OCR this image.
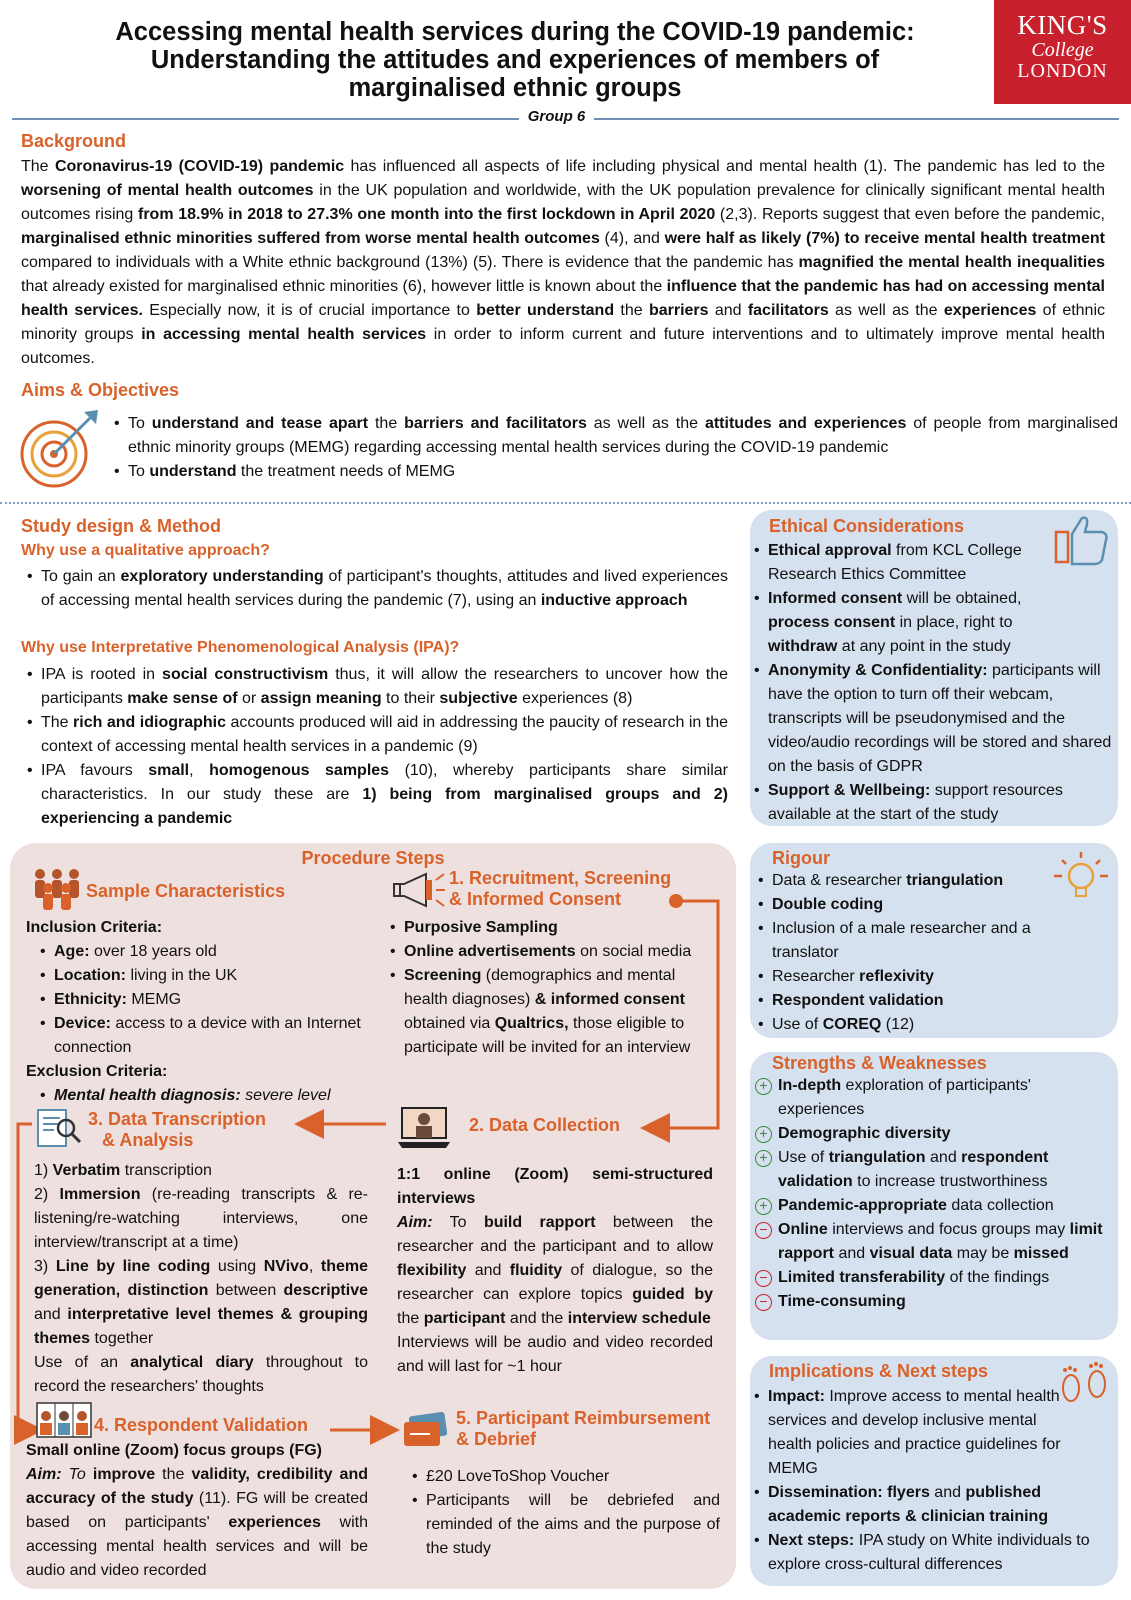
Accessing mental health services during the COVID-19 pandemic:
Understanding the attitudes and experiences of members of
marginalised ethnic groups
KING'S
College
LONDON
Group 6
Background
The Coronavirus-19 (COVID-19) pandemic has influenced all aspects of life including physical and mental health (1). The pandemic has led to the worsening of mental health outcomes in the UK population and worldwide, with the UK population prevalence for clinically significant mental health outcomes rising from 18.9% in 2018 to 27.3% one month into the first lockdown in April 2020 (2,3). Reports suggest that even before the pandemic, marginalised ethnic minorities suffered from worse mental health outcomes (4), and were half as likely (7%) to receive mental health treatment compared to individuals with a White ethnic background (13%) (5). There is evidence that the pandemic has magnified the mental health inequalities that already existed for marginalised ethnic minorities (6), however little is known about the influence that the pandemic has had on accessing mental health services. Especially now, it is of crucial importance to better understand the barriers and facilitators as well as the experiences of ethnic minority groups in accessing mental health services in order to inform current and future interventions and to ultimately improve mental health outcomes.
Aims & Objectives
• To understand and tease apart the barriers and facilitators as well as the attitudes and experiences of people from marginalised ethnic minority groups (MEMG) regarding accessing mental health services during the COVID-19 pandemic
• To understand the treatment needs of MEMG
Study design & Method
Why use a qualitative approach?
• To gain an exploratory understanding of participant's thoughts, attitudes and lived experiences of accessing mental health services during the pandemic (7), using an inductive approach
Why use Interpretative Phenomenological Analysis (IPA)?
• IPA is rooted in social constructivism thus, it will allow the researchers to uncover how the participants make sense of or assign meaning to their subjective experiences (8)
• The rich and idiographic accounts produced will aid in addressing the paucity of research in the context of accessing mental health services in a pandemic (9)
• IPA favours small, homogenous samples (10), whereby participants share similar characteristics. In our study these are 1) being from marginalised groups and 2) experiencing a pandemic
Ethical Considerations
• Ethical approval from KCL College Research Ethics Committee
• Informed consent will be obtained, process consent in place, right to withdraw at any point in the study
• Anonymity & Confidentiality: participants will have the option to turn off their webcam, transcripts will be pseudonymised and the video/audio recordings will be stored and shared on the basis of GDPR
• Support & Wellbeing: support resources available at the start of the study
Rigour
• Data & researcher triangulation
• Double coding
• Inclusion of a male researcher and a translator
• Researcher reflexivity
• Respondent validation
• Use of COREQ (12)
Strengths & Weaknesses
+ In-depth exploration of participants' experiences
+ Demographic diversity
+ Use of triangulation and respondent validation to increase trustworthiness
+ Pandemic-appropriate data collection
− Online interviews and focus groups may limit rapport and visual data may be missed
− Limited transferability of the findings
− Time-consuming
Implications & Next steps
• Impact: Improve access to mental health services and develop inclusive mental health policies and practice guidelines for MEMG
• Dissemination: flyers and published academic reports & clinician training
• Next steps: IPA study on White individuals to explore cross-cultural differences
Procedure Steps
Sample Characteristics
Inclusion Criteria:
• Age: over 18 years old
• Location: living in the UK
• Ethnicity: MEMG
• Device: access to a device with an Internet connection
Exclusion Criteria:
• Mental health diagnosis: severe level
1. Recruitment, Screening
& Informed Consent
• Purposive Sampling
• Online advertisements on social media
• Screening (demographics and mental health diagnoses) & informed consent obtained via Qualtrics, those eligible to participate will be invited for an interview
2. Data Collection
1:1 online (Zoom) semi-structured interviews
Aim: To build rapport between the researcher and the participant and to allow flexibility and fluidity of dialogue, so the researcher can explore topics guided by the participant and the interview schedule
Interviews will be audio and video recorded and will last for ~1 hour
3. Data Transcription
& Analysis
1) Verbatim transcription
2) Immersion (re-reading transcripts & re-listening/re-watching interviews, one interview/transcript at a time)
3) Line by line coding using NVivo, theme generation, distinction between descriptive and interpretative level themes & grouping themes together
Use of an analytical diary throughout to record the researchers' thoughts
4. Respondent Validation
Small online (Zoom) focus groups (FG)
Aim: To improve the validity, credibility and accuracy of the study (11). FG will be created based on participants' experiences with accessing mental health services and will be audio and video recorded
5. Participant Reimbursement
& Debrief
• £20 LoveToShop Voucher
• Participants will be debriefed and reminded of the aims and the purpose of the study
